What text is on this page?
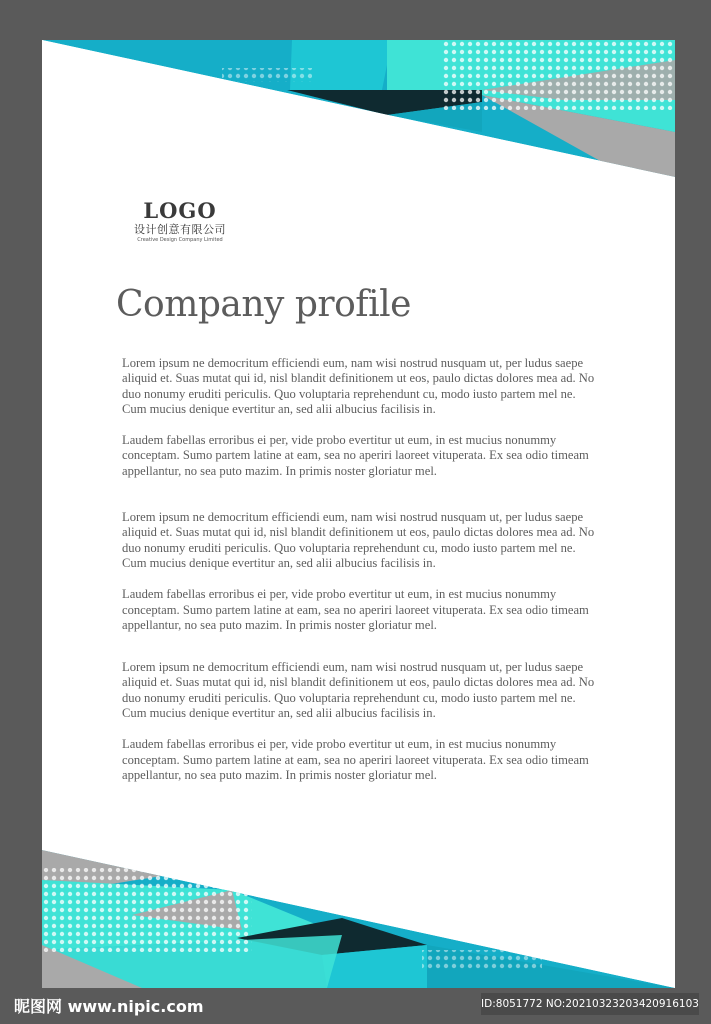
LOGO
设计创意有限公司
Creative Design Company Limited
Company profile

Lorem ipsum ne democritum efficiendi eum, nam wisi nostrud nusquam ut, per ludus saepe aliquid et. Suas mutat qui id, nisl blandit definitionem ut eos, paulo dictas dolores mea ad. No duo nonumy eruditi periculis. Quo voluptaria reprehendunt cu, modo iusto partem mel ne. Cum mucius denique evertitur an, sed alii albucius facilisis in.

Laudem fabellas erroribus ei per, vide probo evertitur ut eum, in est mucius nonummy conceptam. Sumo partem latine at eam, sea no aperiri laoreet vituperata. Ex sea odio timeam appellantur, no sea puto mazim. In primis noster gloriatur mel.

Lorem ipsum ne democritum efficiendi eum, nam wisi nostrud nusquam ut, per ludus saepe aliquid et. Suas mutat qui id, nisl blandit definitionem ut eos, paulo dictas dolores mea ad. No duo nonumy eruditi periculis. Quo voluptaria reprehendunt cu, modo iusto partem mel ne. Cum mucius denique evertitur an, sed alii albucius facilisis in.

Laudem fabellas erroribus ei per, vide probo evertitur ut eum, in est mucius nonummy conceptam. Sumo partem latine at eam, sea no aperiri laoreet vituperata. Ex sea odio timeam appellantur, no sea puto mazim. In primis noster gloriatur mel.

Lorem ipsum ne democritum efficiendi eum, nam wisi nostrud nusquam ut, per ludus saepe aliquid et. Suas mutat qui id, nisl blandit definitionem ut eos, paulo dictas dolores mea ad. No duo nonumy eruditi periculis. Quo voluptaria reprehendunt cu, modo iusto partem mel ne. Cum mucius denique evertitur an, sed alii albucius facilisis in.

Laudem fabellas erroribus ei per, vide probo evertitur ut eum, in est mucius nonummy conceptam. Sumo partem latine at eam, sea no aperiri laoreet vituperata. Ex sea odio timeam appellantur, no sea puto mazim. In primis noster gloriatur mel.

昵图网 www.nipic.com	ID:8051772 NO:20210323203420916103
